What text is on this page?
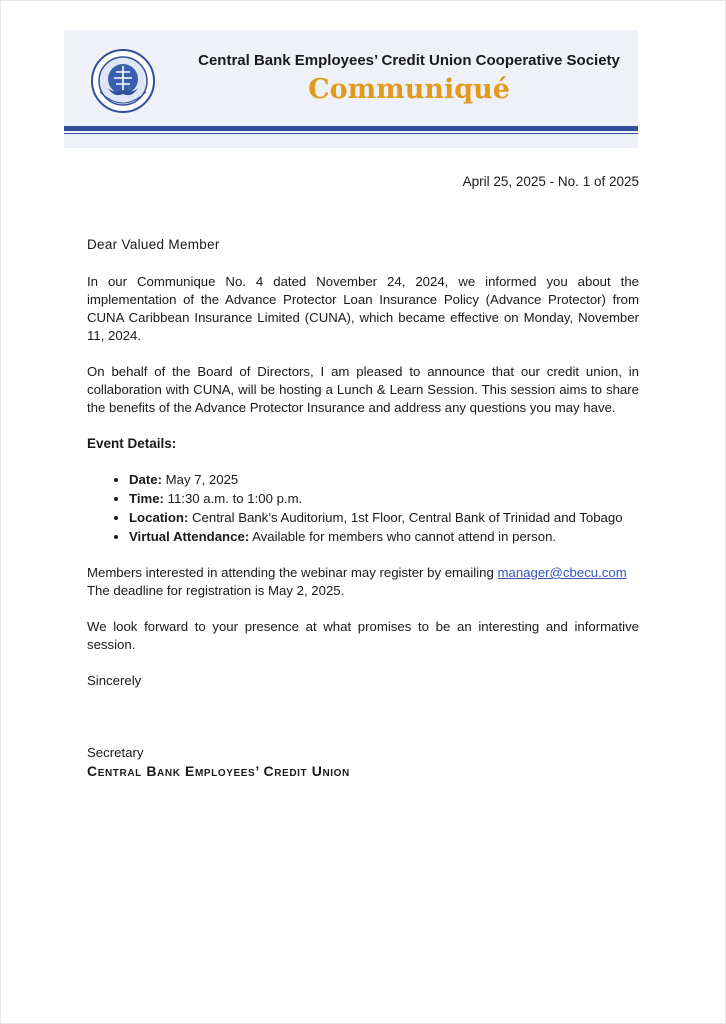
Central Bank Employees’ Credit Union Cooperative Society
Communiqué
April 25, 2025 - No. 1 of 2025
Dear Valued Member

In our Communique No. 4 dated November 24, 2024, we informed you about the implementation of the Advance Protector Loan Insurance Policy (Advance Protector) from CUNA Caribbean Insurance Limited (CUNA), which became effective on Monday, November 11, 2024.

On behalf of the Board of Directors, I am pleased to announce that our credit union, in collaboration with CUNA, will be hosting a Lunch & Learn Session. This session aims to share the benefits of the Advance Protector Insurance and address any questions you may have.

Event Details:
• Date: May 7, 2025
• Time: 11:30 a.m. to 1:00 p.m.
• Location: Central Bank’s Auditorium, 1st Floor, Central Bank of Trinidad and Tobago
• Virtual Attendance: Available for members who cannot attend in person.

Members interested in attending the webinar may register by emailing manager@cbecu.com
The deadline for registration is May 2, 2025.

We look forward to your presence at what promises to be an interesting and informative session.

Sincerely
Secretary
Central Bank Employees’ Credit Union
